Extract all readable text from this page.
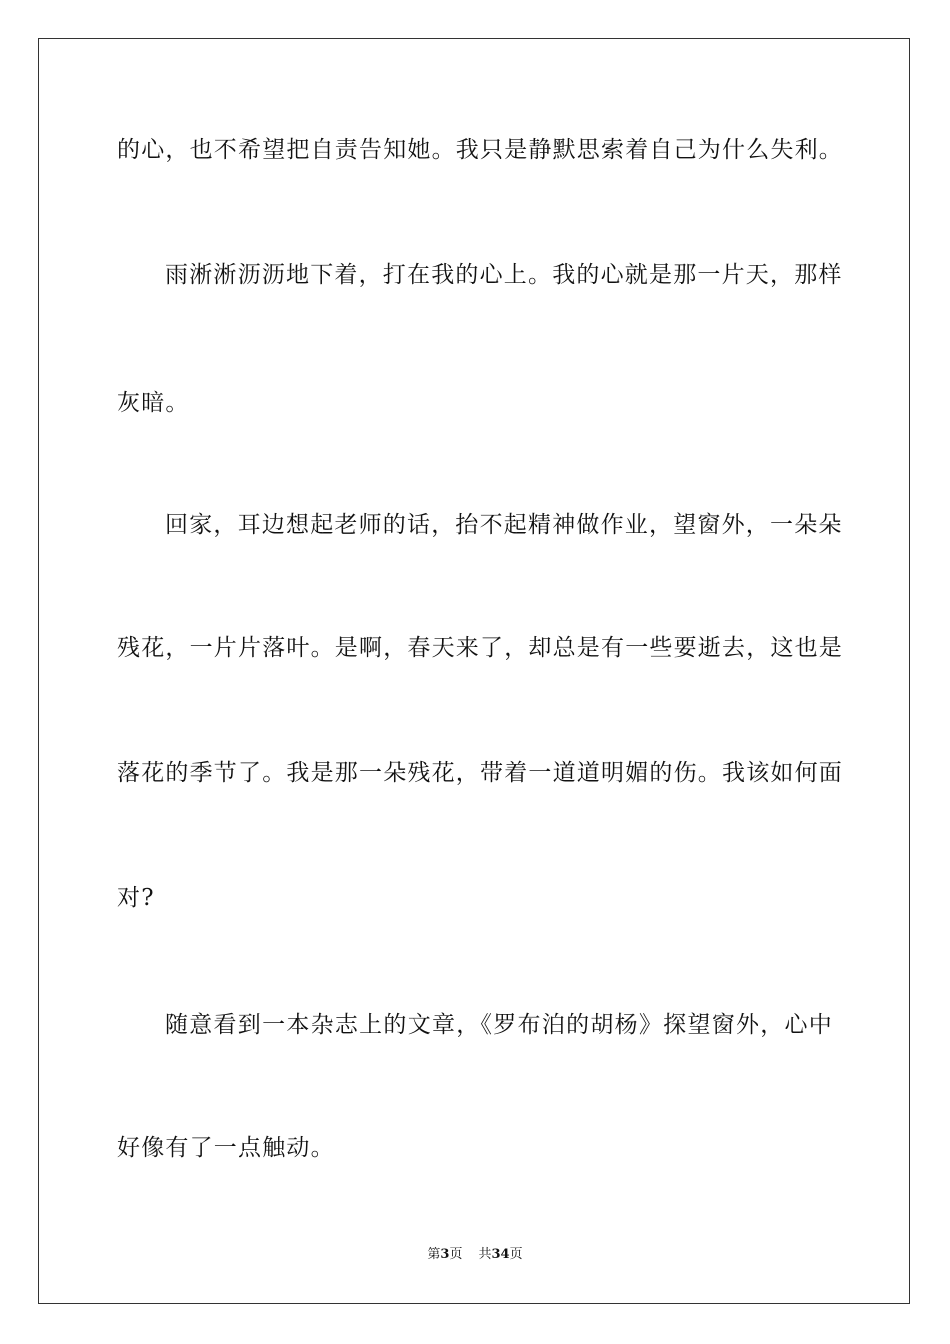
的心，也不希望把自责告知她。我只是静默思索着自己为什么失利。
雨淅淅沥沥地下着，打在我的心上。我的心就是那一片天，那样
灰暗。
回家，耳边想起老师的话，抬不起精神做作业，望窗外，一朵朵
残花，一片片落叶。是啊，春天来了，却总是有一些要逝去，这也是
落花的季节了。我是那一朵残花，带着一道道明媚的伤。我该如何面
对?
随意看到一本杂志上的文章，《罗布泊的胡杨》探望窗外，心中
好像有了一点触动。
第3页 共34页
